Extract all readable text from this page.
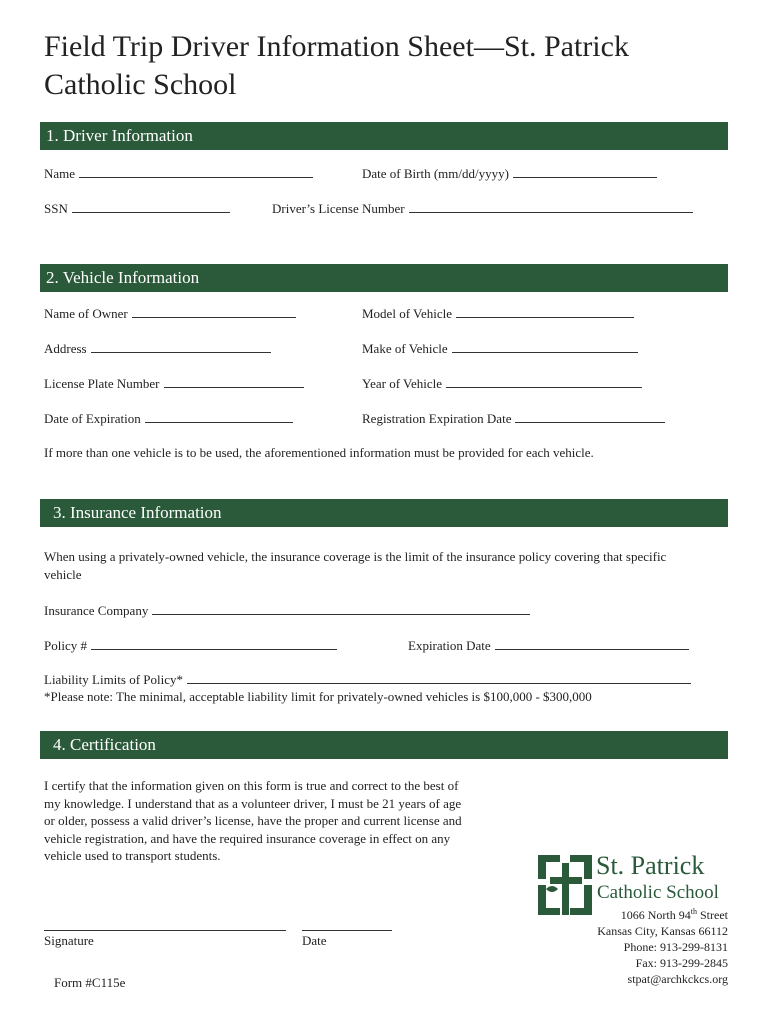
Field Trip Driver Information Sheet—St. Patrick Catholic School
1. Driver Information
Name	Date of Birth (mm/dd/yyyy)
SSN	Driver’s License Number
2. Vehicle Information
Name of Owner	Model of Vehicle
Address	Make of Vehicle
License Plate Number	Year of Vehicle
Date of Expiration	Registration Expiration Date
If more than one vehicle is to be used, the aforementioned information must be provided for each vehicle.
3. Insurance Information
When using a privately-owned vehicle, the insurance coverage is the limit of the insurance policy covering that specific vehicle
Insurance Company
Policy #	Expiration Date
Liability Limits of Policy*
*Please note: The minimal, acceptable liability limit for privately-owned vehicles is $100,000 - $300,000
4. Certification
I certify that the information given on this form is true and correct to the best of my knowledge. I understand that as a volunteer driver, I must be 21 years of age or older, possess a valid driver’s license, have the proper and current license and vehicle registration, and have the required insurance coverage in effect on any vehicle used to transport students.
Signature	Date
Form #C115e
St. Patrick
Catholic School
1066 North 94th Street
Kansas City, Kansas 66112
Phone: 913-299-8131
Fax: 913-299-2845
stpat@archkckcs.org
